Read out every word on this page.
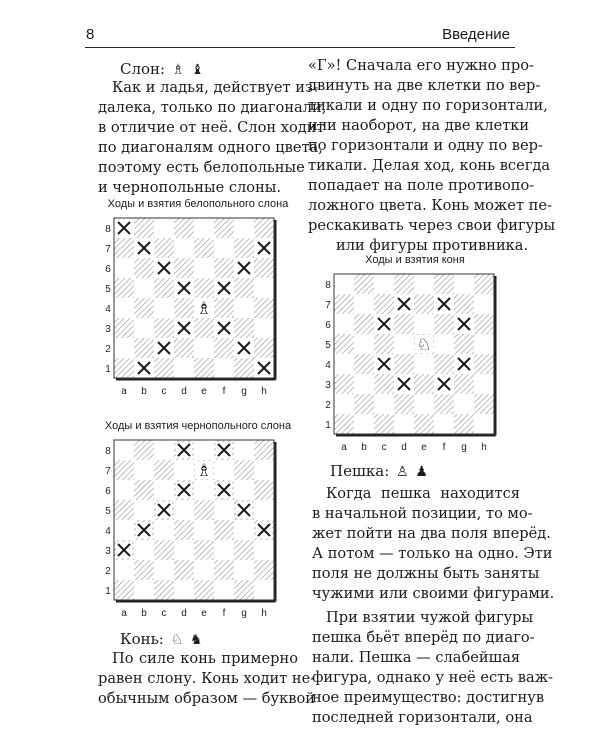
8	Введение
Слон: ♗ ♝
Как и ладья, действует из-
далека, только по диагонали,
в отличие от неё. Слон ходит
по диагоналям одного цвета,
поэтому есть белопольные
и чернопольные слоны.
Ходы и взятия белопольного слона
1
2
3
4
5
6
7
8
a b c d e f g h
♗
Ходы и взятия чернопольного слона
1
2
3
4
5
6
7
8
a b c d e f g h
♗
Конь: ♘ ♞
По силе конь примерно
равен слону. Конь ходит не-
обычным образом — буквой
«Г»! Сначала его нужно про-
двинуть на две клетки по вер-
тикали и одну по горизонтали,
или наоборот, на две клетки
по горизонтали и одну по вер-
тикали. Делая ход, конь всегда
попадает на поле противопо-
ложного цвета. Конь может пе-
рескакивать через свои фигуры
или фигуры противника.
Ходы и взятия коня
1
2
3
4
5
6
7
8
a b c d e f g h
♘
Пешка: ♙ ♟
Когда пешка находится
в начальной позиции, то мо-
жет пойти на два поля вперёд.
А потом — только на одно. Эти
поля не должны быть заняты
чужими или своими фигурами.
При взятии чужой фигуры
пешка бьёт вперёд по диаго-
нали. Пешка — слабейшая
фигура, однако у неё есть важ-
ное преимущество: достигнув
последней горизонтали, она
